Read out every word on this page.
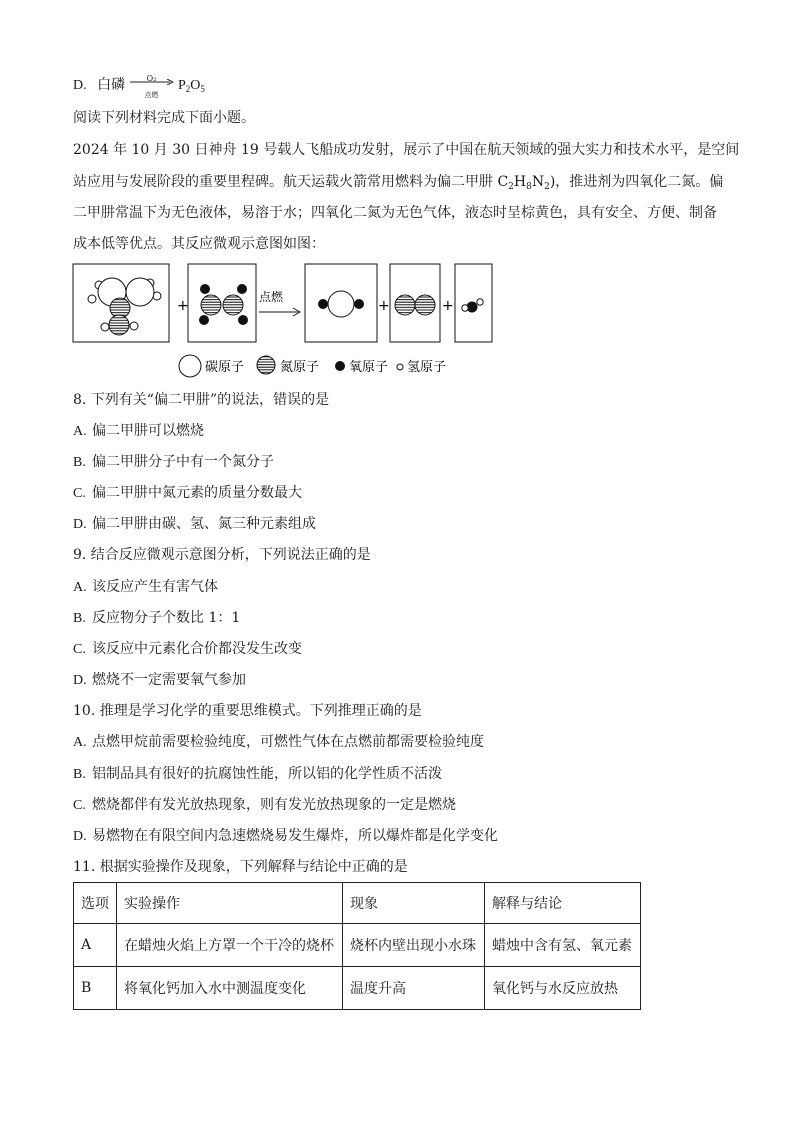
D. 白磷	O₂
点燃
$P_2O_5$
阅读下列材料完成下面小题。
2024 年 10 月 30 日神舟 19 号载人飞船成功发射，展示了中国在航天领域的强大实力和技术水平，是空间
站应用与发展阶段的重要里程碑。航天运载火箭常用燃料为偏二甲肼 $C_2H_8N_2$)，推进剂为四氧化二氮。偏
二甲肼常温下为无色液体，易溶于水；四氧化二氮为无色气体，液态时呈棕黄色，具有安全、方便、制备
成本低等优点。其反应微观示意图如图：
+
点燃
+	+
碳原子	氮原子 氧原子 氢原子
8. 下列有关“偏二甲肼”的说法，错误的是
A. 偏二甲肼可以燃烧
B. 偏二甲肼分子中有一个氮分子
C. 偏二甲肼中氮元素的质量分数最大
D. 偏二甲肼由碳、氢、氮三种元素组成
9. 结合反应微观示意图分析，下列说法正确的是
A. 该反应产生有害气体
B. 反应物分子个数比 1：1
C. 该反应中元素化合价都没发生改变
D. 燃烧不一定需要氧气参加
10. 推理是学习化学的重要思维模式。下列推理正确的是
A. 点燃甲烷前需要检验纯度，可燃性气体在点燃前都需要检验纯度
B. 铝制品具有很好的抗腐蚀性能，所以铝的化学性质不活泼
C. 燃烧都伴有发光放热现象，则有发光放热现象的一定是燃烧
D. 易燃物在有限空间内急速燃烧易发生爆炸，所以爆炸都是化学变化
11. 根据实验操作及现象，下列解释与结论中正确的是
选项	实验操作	现象	解释与结论
A	在蜡烛火焰上方罩一个干冷的烧杯	烧杯内壁出现小水珠	蜡烛中含有氢、氧元素
B	将氧化钙加入水中测温度变化	温度升高	氧化钙与水反应放热
